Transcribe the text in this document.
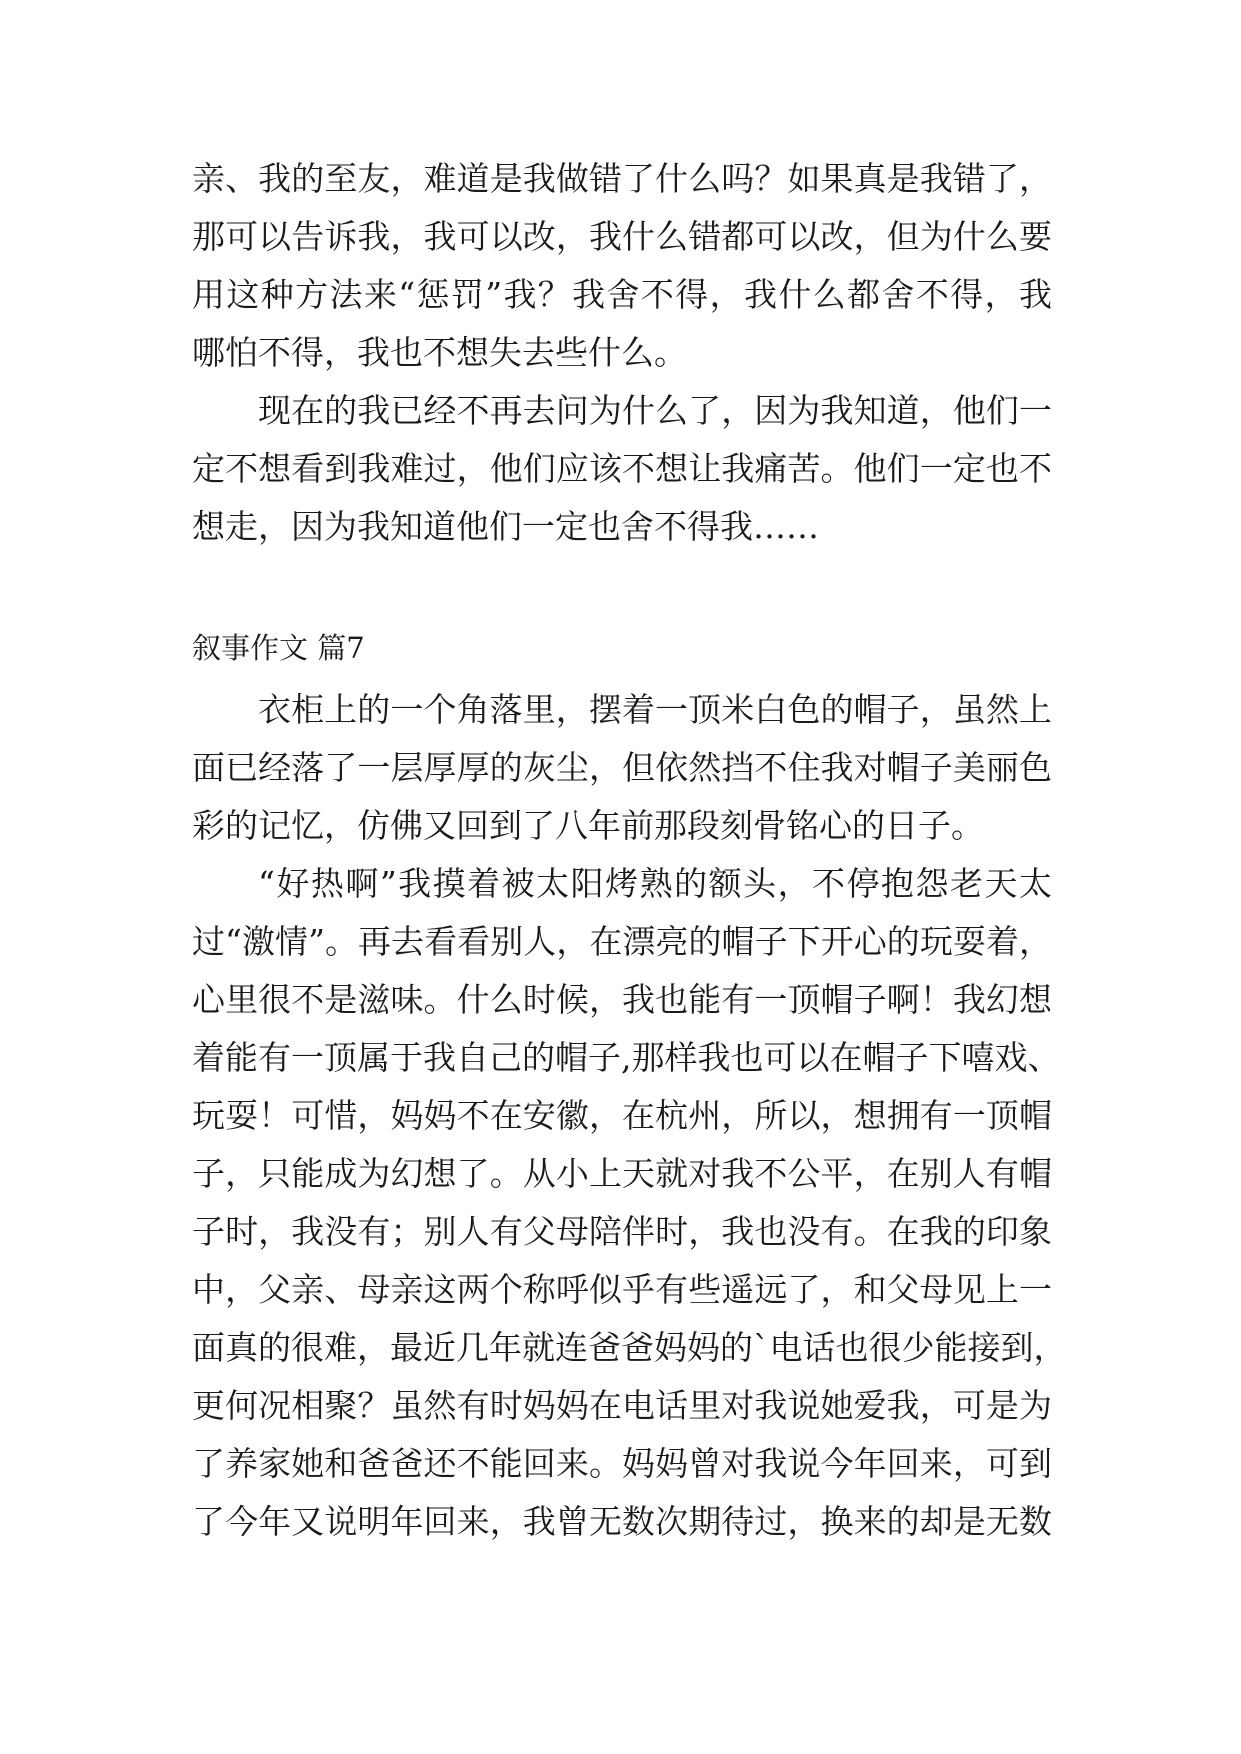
亲、我的至友，难道是我做错了什么吗？如果真是我错了，
那可以告诉我，我可以改，我什么错都可以改，但为什么要
用这种方法来“惩罚”我？我舍不得，我什么都舍不得，我
哪怕不得，我也不想失去些什么。
现在的我已经不再去问为什么了，因为我知道，他们一
定不想看到我难过，他们应该不想让我痛苦。他们一定也不
想走，因为我知道他们一定也舍不得我……
叙事作文 篇7
衣柜上的一个角落里，摆着一顶米白色的帽子，虽然上
面已经落了一层厚厚的灰尘，但依然挡不住我对帽子美丽色
彩的记忆，仿佛又回到了八年前那段刻骨铭心的日子。
“好热啊”我摸着被太阳烤熟的额头，不停抱怨老天太
过“激情”。再去看看别人，在漂亮的帽子下开心的玩耍着，
心里很不是滋味。什么时候，我也能有一顶帽子啊！我幻想
着能有一顶属于我自己的帽子,那样我也可以在帽子下嘻戏、
玩耍！可惜，妈妈不在安徽，在杭州，所以，想拥有一顶帽
子，只能成为幻想了。从小上天就对我不公平，在别人有帽
子时，我没有；别人有父母陪伴时，我也没有。在我的印象
中，父亲、母亲这两个称呼似乎有些遥远了，和父母见上一
面真的很难，最近几年就连爸爸妈妈的`电话也很少能接到，
更何况相聚？虽然有时妈妈在电话里对我说她爱我，可是为
了养家她和爸爸还不能回来。妈妈曾对我说今年回来，可到
了今年又说明年回来，我曾无数次期待过，换来的却是无数
